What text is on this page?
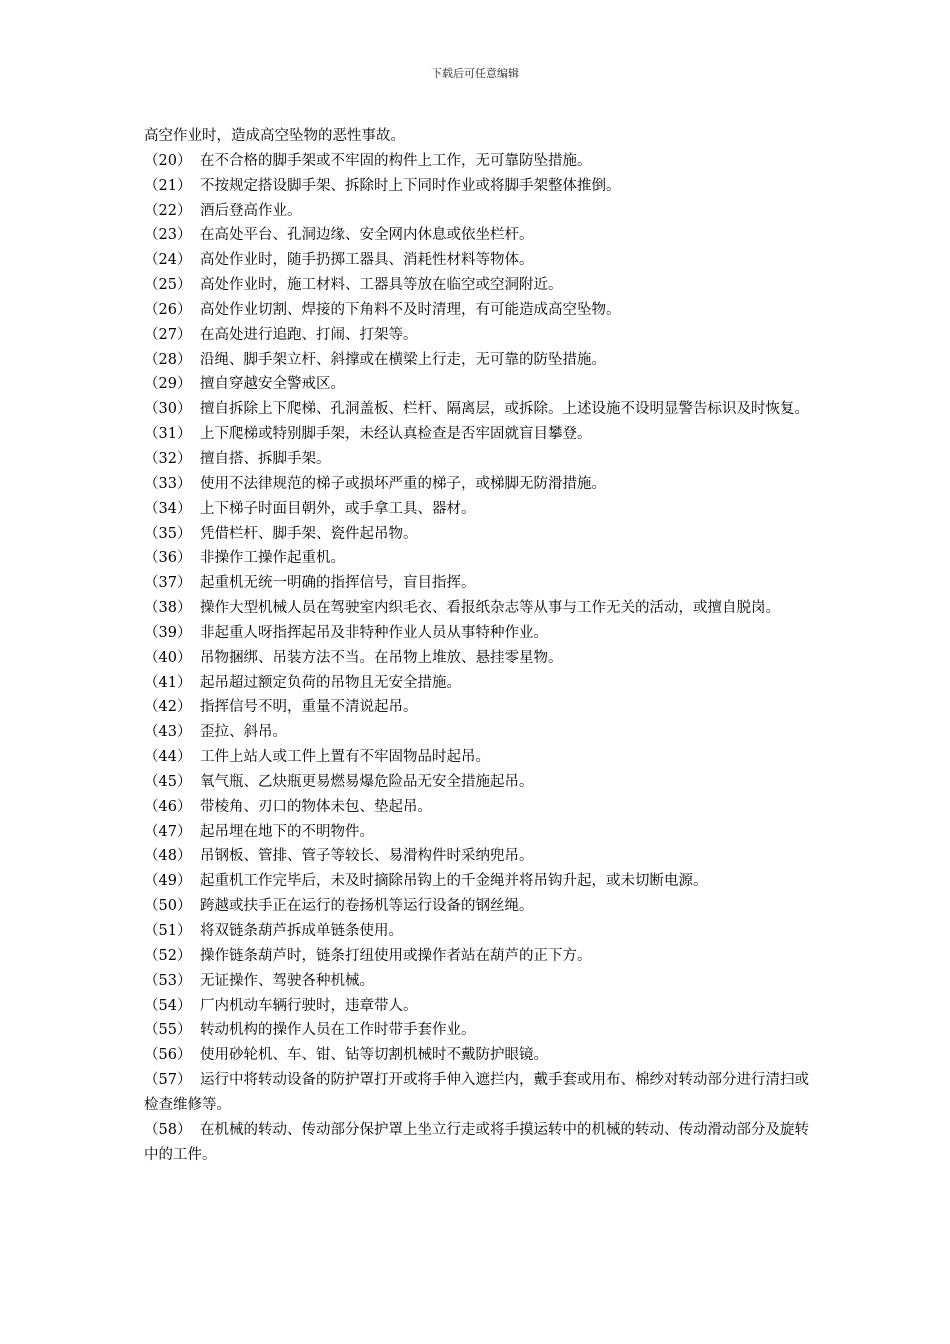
下载后可任意编辑

高空作业时，造成高空坠物的恶性事故。

（20） 在不合格的脚手架或不牢固的构件上工作，无可靠防坠措施。

（21） 不按规定搭设脚手架、拆除时上下同时作业或将脚手架整体推倒。

（22） 酒后登高作业。

（23） 在高处平台、孔洞边缘、安全网内休息或依坐栏杆。

（24） 高处作业时，随手扔掷工器具、消耗性材料等物体。

（25） 高处作业时，施工材料、工器具等放在临空或空洞附近。

（26） 高处作业切割、焊接的下角料不及时清理，有可能造成高空坠物。

（27） 在高处进行追跑、打闹、打架等。

（28） 沿绳、脚手架立杆、斜撑或在横梁上行走，无可靠的防坠措施。

（29） 擅自穿越安全警戒区。

（30） 擅自拆除上下爬梯、孔洞盖板、栏杆、隔离层，或拆除。上述设施不设明显警告标识及时恢复。

（31） 上下爬梯或特别脚手架，未经认真检查是否牢固就盲目攀登。

（32） 擅自搭、拆脚手架。

（33） 使用不法律规范的梯子或损坏严重的梯子，或梯脚无防滑措施。

（34） 上下梯子时面目朝外，或手拿工具、器材。

（35） 凭借栏杆、脚手架、瓷件起吊物。

（36） 非操作工操作起重机。

（37） 起重机无统一明确的指挥信号，盲目指挥。

（38） 操作大型机械人员在驾驶室内织毛衣、看报纸杂志等从事与工作无关的活动，或擅自脱岗。

（39） 非起重人呀指挥起吊及非特种作业人员从事特种作业。

（40） 吊物捆绑、吊装方法不当。在吊物上堆放、悬挂零星物。

（41） 起吊超过额定负荷的吊物且无安全措施。

（42） 指挥信号不明，重量不清说起吊。

（43） 歪拉、斜吊。

（44） 工件上站人或工件上置有不牢固物品时起吊。

（45） 氧气瓶、乙炔瓶更易燃易爆危险品无安全措施起吊。

（46） 带棱角、刃口的物体未包、垫起吊。

（47） 起吊埋在地下的不明物件。

（48） 吊钢板、管排、管子等较长、易滑构件时采纳兜吊。

（49） 起重机工作完毕后，未及时摘除吊钩上的千金绳并将吊钩升起，或未切断电源。

（50） 跨越或扶手正在运行的卷扬机等运行设备的钢丝绳。

（51） 将双链条葫芦拆成单链条使用。

（52） 操作链条葫芦时，链条打纽使用或操作者站在葫芦的正下方。

（53） 无证操作、驾驶各种机械。

（54） 厂内机动车辆行驶时，违章带人。

（55） 转动机构的操作人员在工作时带手套作业。

（56） 使用砂轮机、车、钳、钻等切割机械时不戴防护眼镜。

（57） 运行中将转动设备的防护罩打开或将手伸入遮拦内，戴手套或用布、棉纱对转动部分进行清扫或检查维修等。

（58） 在机械的转动、传动部分保护罩上坐立行走或将手摸运转中的机械的转动、传动滑动部分及旋转中的工件。
